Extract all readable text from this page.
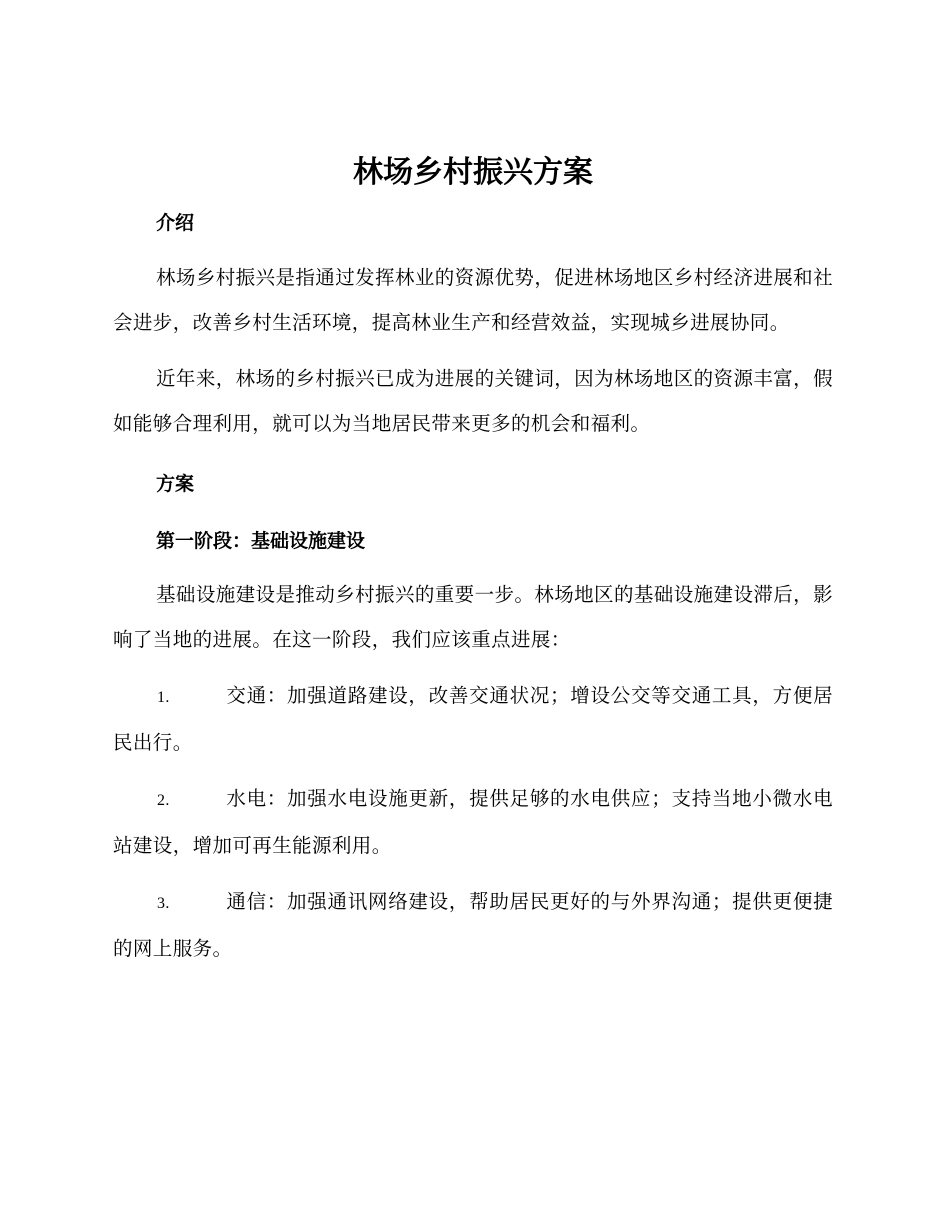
林场乡村振兴方案

介绍

林场乡村振兴是指通过发挥林业的资源优势，促进林场地区乡村经济进展和社会进步，改善乡村生活环境，提高林业生产和经营效益，实现城乡进展协同。

近年来，林场的乡村振兴已成为进展的关键词，因为林场地区的资源丰富，假如能够合理利用，就可以为当地居民带来更多的机会和福利。

方案

第一阶段：基础设施建设

基础设施建设是推动乡村振兴的重要一步。林场地区的基础设施建设滞后，影响了当地的进展。在这一阶段，我们应该重点进展：

1.	交通：加强道路建设，改善交通状况；增设公交等交通工具，方便居民出行。

2.	水电：加强水电设施更新，提供足够的水电供应；支持当地小微水电站建设，增加可再生能源利用。

3.	通信：加强通讯网络建设，帮助居民更好的与外界沟通；提供更便捷的网上服务。
